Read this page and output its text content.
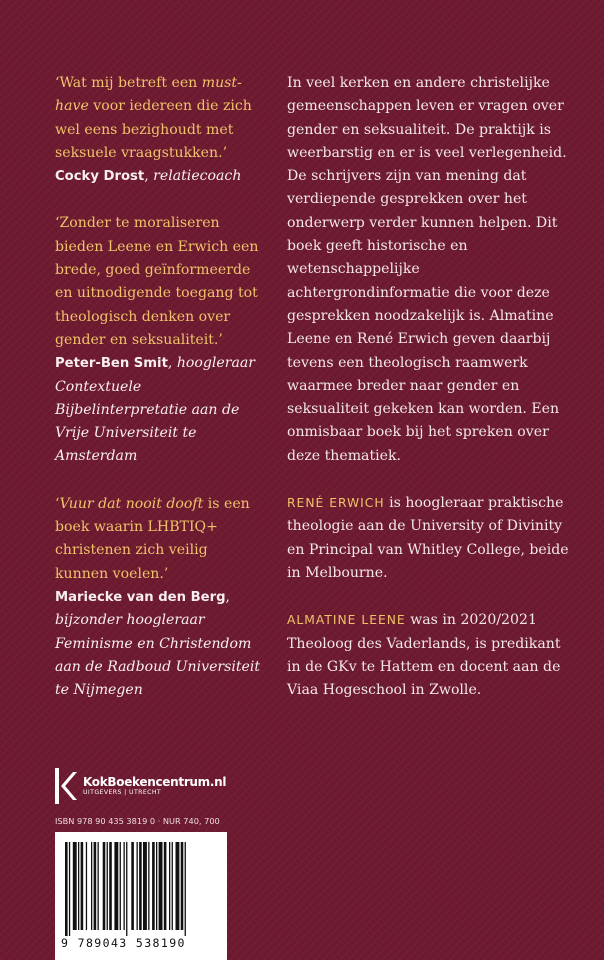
‘Wat mij betreft een must-have voor iedereen die zich wel eens bezighoudt met seksuele vraagstukken.’

Cocky Drost, relatiecoach

‘Zonder te moraliseren bieden Leene en Erwich een brede, goed geïnformeerde en uitnodigende toegang tot theologisch denken over gender en seksualiteit.’

Peter-Ben Smit, hoogleraar Contextuele Bijbelinterpretatie aan de Vrije Universiteit te Amsterdam

‘Vuur dat nooit dooft is een boek waarin LHBTIQ+ christenen zich veilig kunnen voelen.’

Mariecke van den Berg, bijzonder hoogleraar Feminisme en Christendom aan de Radboud Universiteit te Nijmegen

In veel kerken en andere christelijke gemeenschappen leven er vragen over gender en seksualiteit. De praktijk is weerbarstig en er is veel verlegenheid. De schrijvers zijn van mening dat verdiepende gesprekken over het onderwerp verder kunnen helpen. Dit boek geeft historische en wetenschappelijke achtergrondinformatie die voor deze gesprekken noodzakelijk is. Almatine Leene en René Erwich geven daarbij tevens een theologisch raamwerk waarmee breder naar gender en seksualiteit gekeken kan worden. Een onmisbaar boek bij het spreken over deze thematiek.

RENÉ ERWICH is hoogleraar praktische theologie aan de University of Divinity en Principal van Whitley College, beide in Melbourne.

ALMATINE LEENE was in 2020/2021 Theoloog des Vaderlands, is predikant in de GKv te Hattem en docent aan de Viaa Hogeschool in Zwolle.

KokBoekencentrum.nl
UITGEVERS | UTRECHT
ISBN 978 90 435 3819 0 · NUR 740, 700
9 789043 538190
